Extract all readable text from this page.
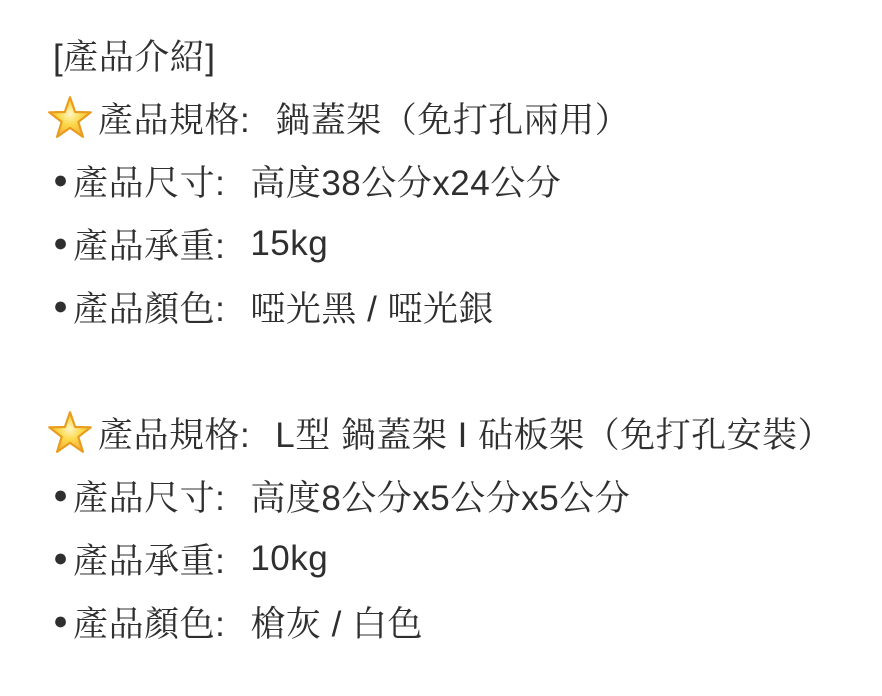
[產品介紹]
產品規格: 鍋蓋架（免打孔兩用）
● 產品尺寸: 高度38公分x24公分
● 產品承重: 15kg
● 產品顏色: 啞光黑 / 啞光銀
產品規格: L型 鍋蓋架 I 砧板架（免打孔安裝）
● 產品尺寸: 高度8公分x5公分x5公分
● 產品承重: 10kg
● 產品顏色: 槍灰 / 白色
